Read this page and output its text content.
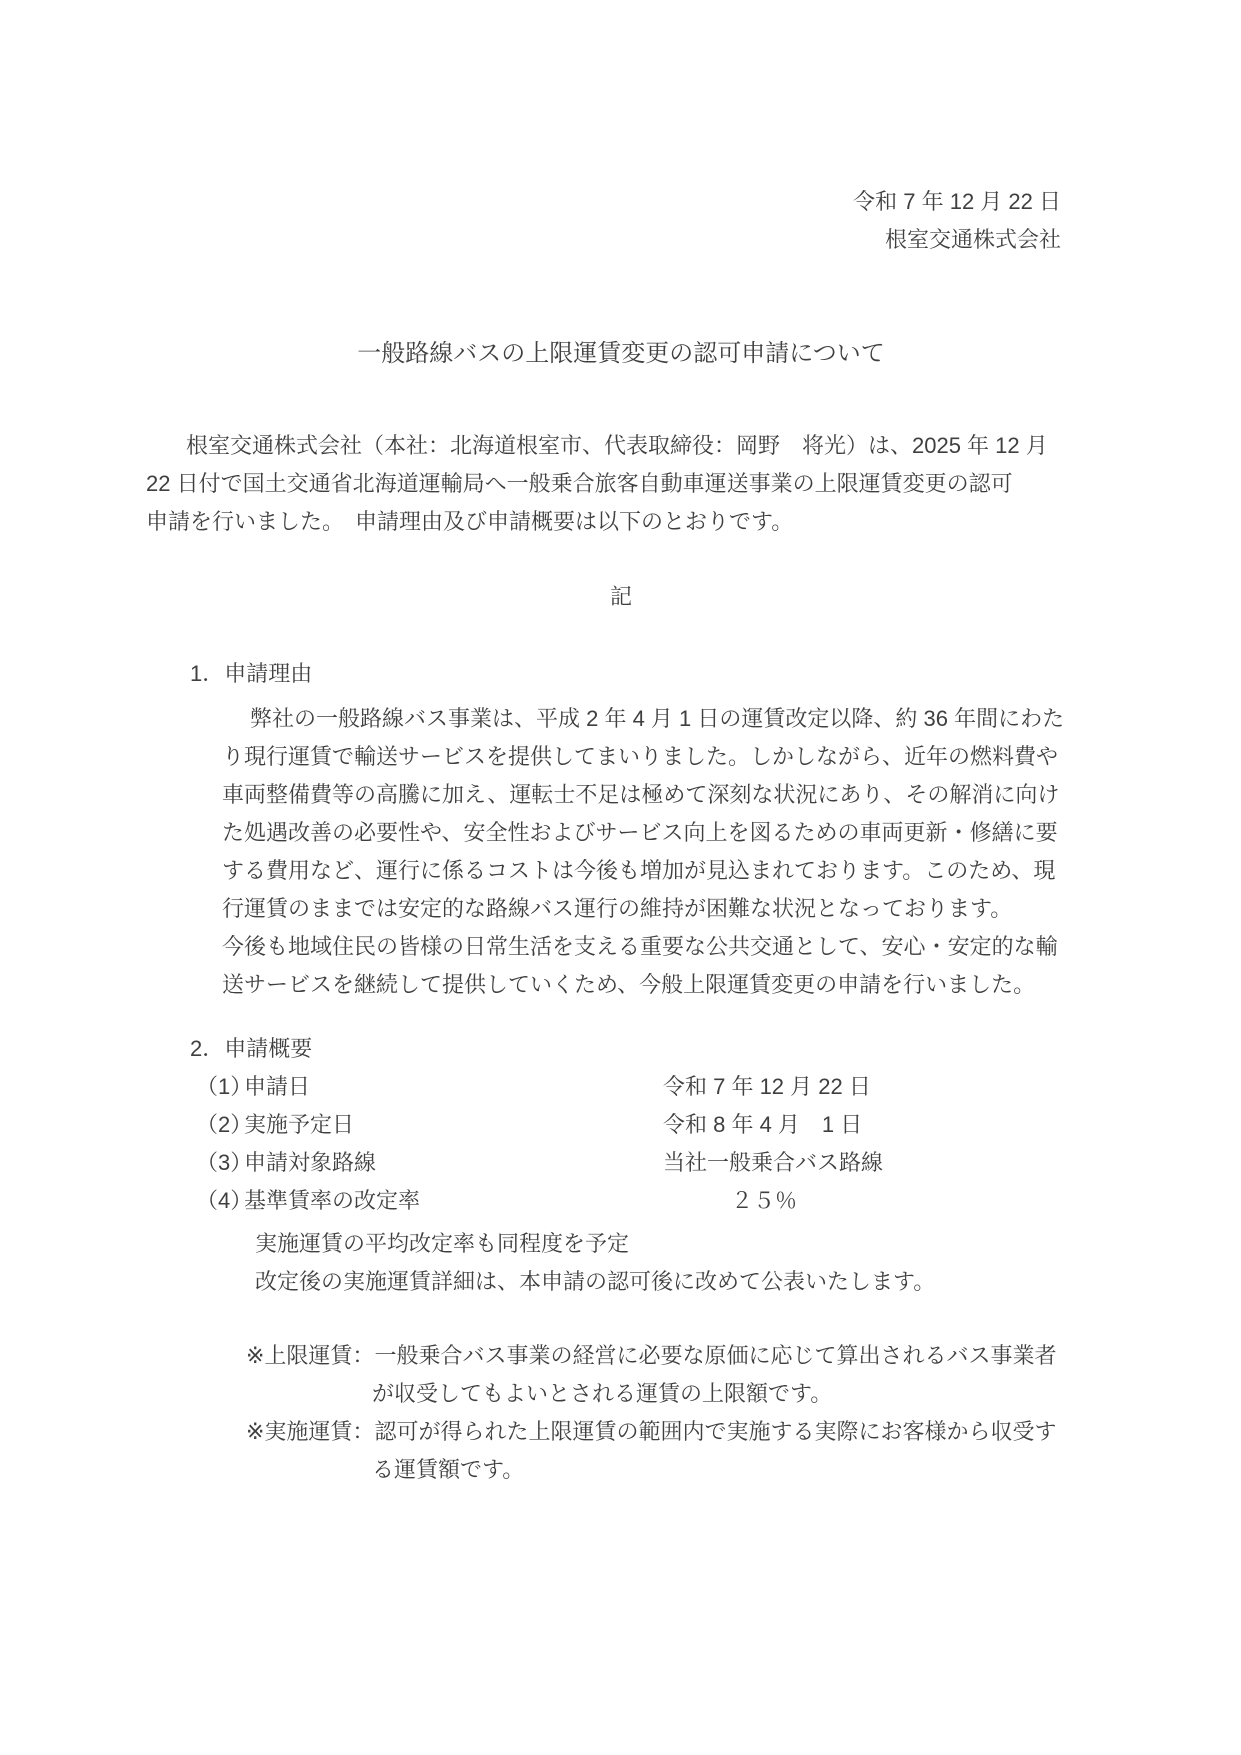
令和 7 年 12 月 22 日
根室交通株式会社
一般路線バスの上限運賃変更の認可申請について
根室交通株式会社（本社：北海道根室市、代表取締役：岡野　将光）は、2025 年 12 月
22 日付で国土交通省北海道運輸局へ一般乗合旅客自動車運送事業の上限運賃変更の認可
申請を行いました。　申請理由及び申請概要は以下のとおりです。
記
1．申請理由
弊社の一般路線バス事業は、平成 2 年 4 月 1 日の運賃改定以降、約 36 年間にわた
り現行運賃で輸送サービスを提供してまいりました。しかしながら、近年の燃料費や
車両整備費等の高騰に加え、運転士不足は極めて深刻な状況にあり、その解消に向け
た処遇改善の必要性や、安全性およびサービス向上を図るための車両更新・修繕に要
する費用など、運行に係るコストは今後も増加が見込まれております。このため、現
行運賃のままでは安定的な路線バス運行の維持が困難な状況となっております。
今後も地域住民の皆様の日常生活を支える重要な公共交通として、安心・安定的な輸
送サービスを継続して提供していくため、今般上限運賃変更の申請を行いました。
2．申請概要
（1）申請日	令和 7 年 12 月 22 日
（2）実施予定日	令和 8 年 4 月　1 日
（3）申請対象路線	当社一般乗合バス路線
（4）基準賃率の改定率	２５％
実施運賃の平均改定率も同程度を予定
改定後の実施運賃詳細は、本申請の認可後に改めて公表いたします。
※上限運賃： 一般乗合バス事業の経営に必要な原価に応じて算出されるバス事業者
が収受してもよいとされる運賃の上限額です。
※実施運賃： 認可が得られた上限運賃の範囲内で実施する実際にお客様から収受す
る運賃額です。
